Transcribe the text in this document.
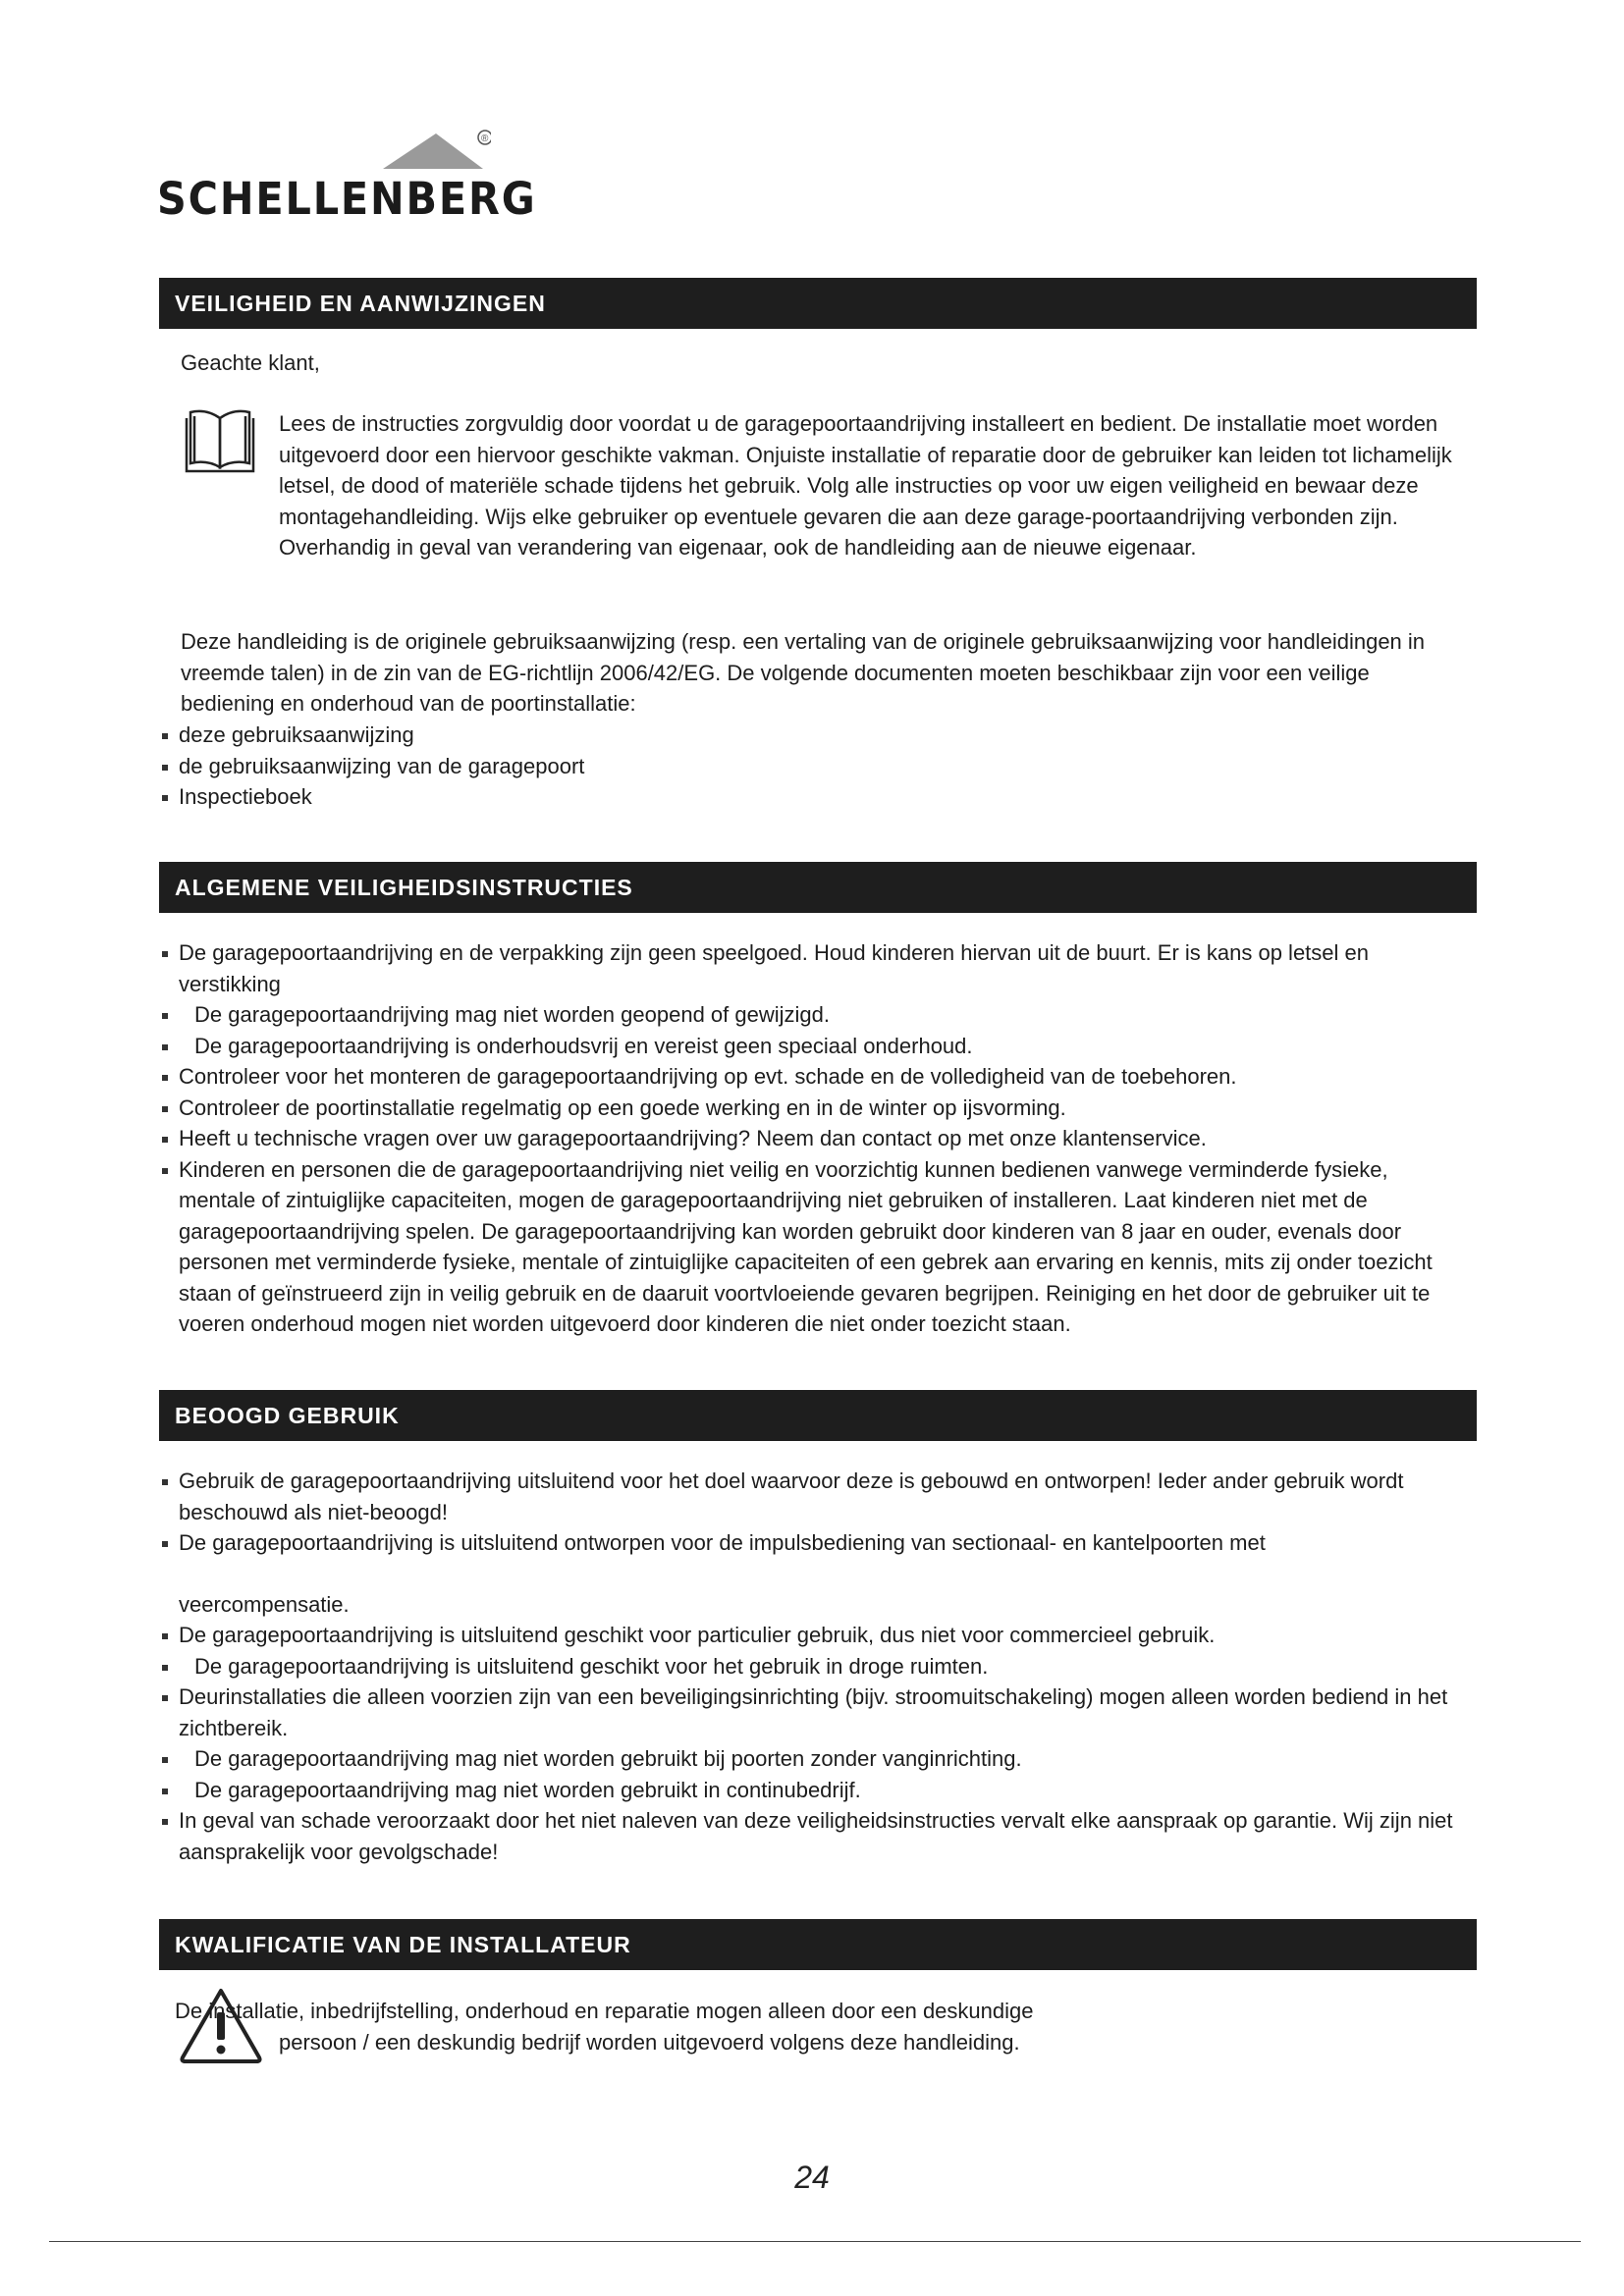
®
SCHELLENBERG
VEILIGHEID EN AANWIJZINGEN
Geachte klant,
Lees de instructies zorgvuldig door voordat u de garagepoortaandrijving installeert en bedient. De installatie moet worden uitgevoerd door een hiervoor geschikte vakman. Onjuiste installatie of reparatie door de gebruiker kan leiden tot lichamelijk letsel, de dood of materiële schade tijdens het gebruik. Volg alle instructies op voor uw eigen veiligheid en bewaar deze montagehandleiding. Wijs elke gebruiker op eventuele gevaren die aan deze garage-poortaandrijving verbonden zijn. Overhandig in geval van verandering van eigenaar, ook de handleiding aan de nieuwe eigenaar.
Deze handleiding is de originele gebruiksaanwijzing (resp. een vertaling van de originele gebruiksaanwijzing voor handleidingen in vreemde talen) in de zin van de EG-richtlijn 2006/42/EG. De volgende documenten moeten beschikbaar zijn voor een veilige bediening en onderhoud van de poortinstallatie:
deze gebruiksaanwijzing
de gebruiksaanwijzing van de garagepoort
Inspectieboek
ALGEMENE VEILIGHEIDSINSTRUCTIES
De garagepoortaandrijving en de verpakking zijn geen speelgoed. Houd kinderen hiervan uit de buurt. Er is kans op letsel en verstikking
De garagepoortaandrijving mag niet worden geopend of gewijzigd.
De garagepoortaandrijving is onderhoudsvrij en vereist geen speciaal onderhoud.
Controleer voor het monteren de garagepoortaandrijving op evt. schade en de volledigheid van de toebehoren.
Controleer de poortinstallatie regelmatig op een goede werking en in de winter op ijsvorming.
Heeft u technische vragen over uw garagepoortaandrijving? Neem dan contact op met onze klantenservice.
Kinderen en personen die de garagepoortaandrijving niet veilig en voorzichtig kunnen bedienen vanwege verminderde fysieke, mentale of zintuiglijke capaciteiten, mogen de garagepoortaandrijving niet gebruiken of installeren. Laat kinderen niet met de garagepoortaandrijving spelen. De garagepoortaandrijving kan worden gebruikt door kinderen van 8 jaar en ouder, evenals door personen met verminderde fysieke, mentale of zintuiglijke capaciteiten of een gebrek aan ervaring en kennis, mits zij onder toezicht staan of geïnstrueerd zijn in veilig gebruik en de daaruit voortvloeiende gevaren begrijpen. Reiniging en het door de gebruiker uit te voeren onderhoud mogen niet worden uitgevoerd door kinderen die niet onder toezicht staan.
BEOOGD GEBRUIK
Gebruik de garagepoortaandrijving uitsluitend voor het doel waarvoor deze is gebouwd en ontworpen! Ieder ander gebruik wordt beschouwd als niet-beoogd!
De garagepoortaandrijving is uitsluitend ontworpen voor de impulsbediening van sectionaal- en kantelpoorten met
veercompensatie.
De garagepoortaandrijving is uitsluitend geschikt voor particulier gebruik, dus niet voor commercieel gebruik.
De garagepoortaandrijving is uitsluitend geschikt voor het gebruik in droge ruimten.
Deurinstallaties die alleen voorzien zijn van een beveiligingsinrichting (bijv. stroomuitschakeling) mogen alleen worden bediend in het zichtbereik.
De garagepoortaandrijving mag niet worden gebruikt bij poorten zonder vanginrichting.
De garagepoortaandrijving mag niet worden gebruikt in continubedrijf.
In geval van schade veroorzaakt door het niet naleven van deze veiligheidsinstructies vervalt elke aanspraak op garantie. Wij zijn niet aansprakelijk voor gevolgschade!
KWALIFICATIE VAN DE INSTALLATEUR
De installatie, inbedrijfstelling, onderhoud en reparatie mogen alleen door een deskundige
persoon / een deskundig bedrijf worden uitgevoerd volgens deze handleiding.
24
